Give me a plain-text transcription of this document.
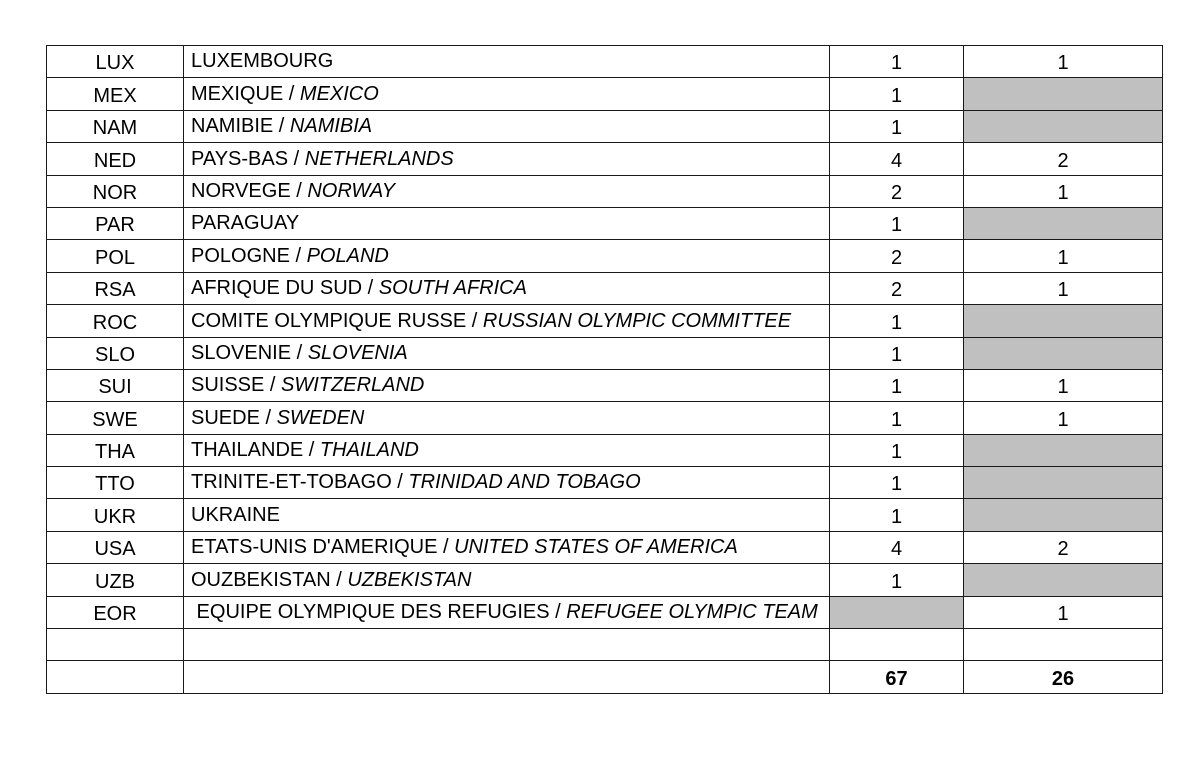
LUX	LUXEMBOURG	1	1
MEX	MEXIQUE / MEXICO	1	
NAM	NAMIBIE / NAMIBIA	1	
NED	PAYS-BAS / NETHERLANDS	4	2
NOR	NORVEGE / NORWAY	2	1
PAR	PARAGUAY	1	
POL	POLOGNE / POLAND	2	1
RSA	AFRIQUE DU SUD / SOUTH AFRICA	2	1
ROC	COMITE OLYMPIQUE RUSSE / RUSSIAN OLYMPIC COMMITTEE	1	
SLO	SLOVENIE / SLOVENIA	1	
SUI	SUISSE / SWITZERLAND	1	1
SWE	SUEDE / SWEDEN	1	1
THA	THAILANDE / THAILAND	1	
TTO	TRINITE-ET-TOBAGO / TRINIDAD AND TOBAGO	1	
UKR	UKRAINE	1	
USA	ETATS-UNIS D'AMERIQUE / UNITED STATES OF AMERICA	4	2
UZB	OUZBEKISTAN / UZBEKISTAN	1	
EOR	EQUIPE OLYMPIQUE DES REFUGIES / REFUGEE OLYMPIC TEAM		1

		67	26
